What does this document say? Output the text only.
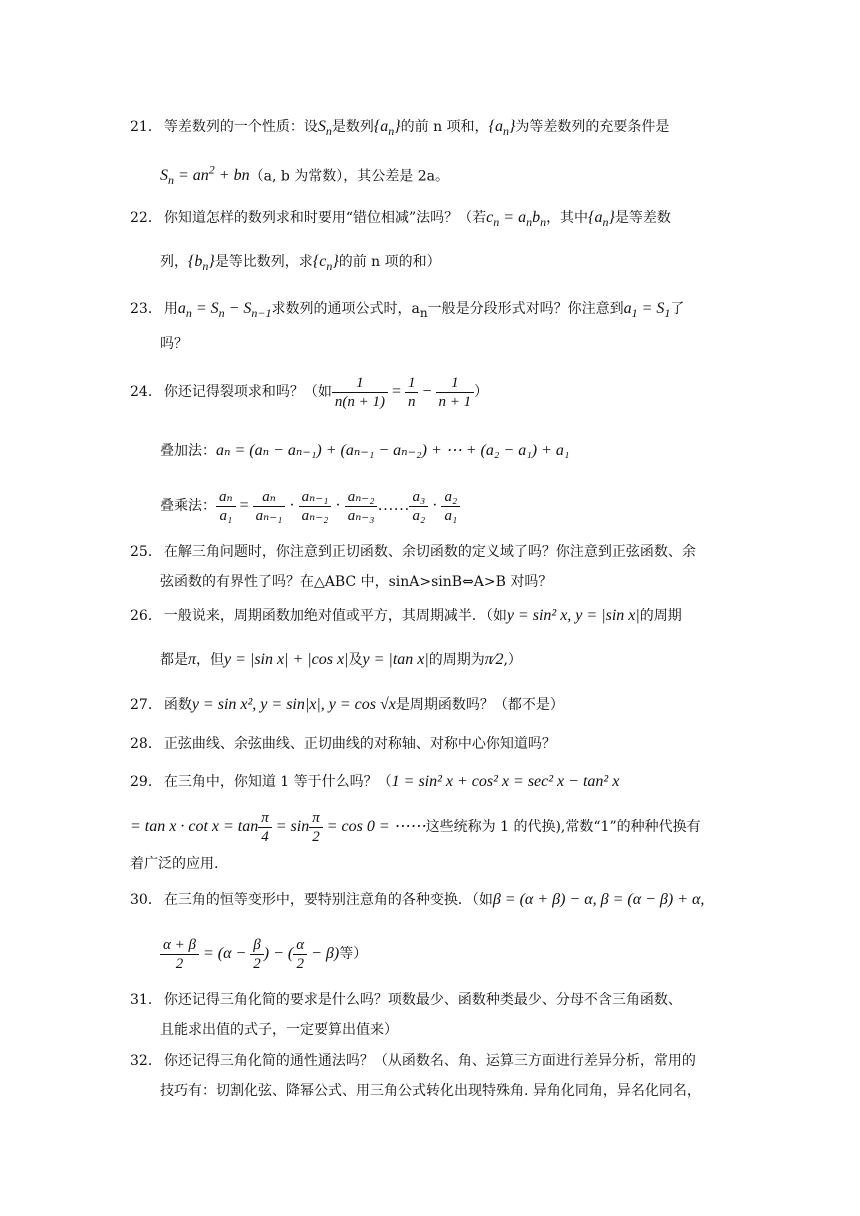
21． 等差数列的一个性质：设$S_n$是数列$\{a_n\}$的前 n 项和，$\{a_n\}$为等差数列的充要条件是
$S_n = an^2 + bn(a$, b 为常数），其公差是 2a。
22． 你知道怎样的数列求和时要用“错位相减”法吗？（若$c_n = a_nb_n$，其中$\{a_n\}$是等差数
列，$\{b_n\}$是等比数列，求$\{c_n\}$的前 n 项的和）
23． 用$a_n = S_n - S_{n-1}$求数列的通项公式时，$a_n$一般是分段形式对吗？你注意到$a_1 = S_1$了
吗？
24． 你还记得裂项求和吗？（如 $\frac{1}{n(n + 1)} = \frac{1}{n} - \frac{1}{n + 1}$ ）
叠加法：aₙ = (aₙ − aₙ₋₁) + (aₙ₋₁ − aₙ₋₂) + ⋯ + (a₂ − a₁) + a₁
叠乘法： $\frac{\text{aₙ}}{\text{a₁}} = \frac{\text{aₙ}}{\text{aₙ₋₁}} \cdot \frac{\text{aₙ₋₁}}{\text{aₙ₋₂}} \cdot \frac{\text{aₙ₋₂}}{\text{aₙ₋₃}}$ …… $\frac{\text{a₃}}{\text{a₂}} \cdot \frac{\text{a₂}}{\text{a₁}}$
25． 在解三角问题时，你注意到正切函数、余切函数的定义域了吗？你注意到正弦函数、余
弦函数的有界性了吗？在△ABC 中，sinA>sinB⇔A>B 对吗？
26． 一般说来，周期函数加绝对值或平方，其周期减半．（如y = sin² x, y = |sin x|的周期
都是π，但y = |sin x| + |cos x|及y = |tan x|的周期为π⁄2,）
27． 函数y = sin x², y = sin|x|, y = cos √x是周期函数吗？（都不是）
28． 正弦曲线、余弦曲线、正切曲线的对称轴、对称中心你知道吗？
29． 在三角中，你知道 1 等于什么吗？（1 = sin² x + cos² x = sec² x − tan² x
= $\tan x \cdot \cot x = \tan \frac{\pi}{4} = \sin \frac{\pi}{2} = \cos 0$ = ⋯⋯这些统称为 1 的代换),常数“1”的种种代换有
着广泛的应用.
30． 在三角的恒等变形中，要特别注意角的各种变换．（如β = (α + β) − α, β = (α − β) + α,
$\frac{\alpha + \beta}{2} = (\alpha - \frac{\beta}{2}$ ) − ( $\frac{\alpha}{2} - \beta$)等）
31． 你还记得三角化简的要求是什么吗？项数最少、函数种类最少、分母不含三角函数、
且能求出值的式子，一定要算出值来）
32． 你还记得三角化简的通性通法吗？（从函数名、角、运算三方面进行差异分析，常用的
技巧有：切割化弦、降幂公式、用三角公式转化出现特殊角. 异角化同角，异名化同名，
